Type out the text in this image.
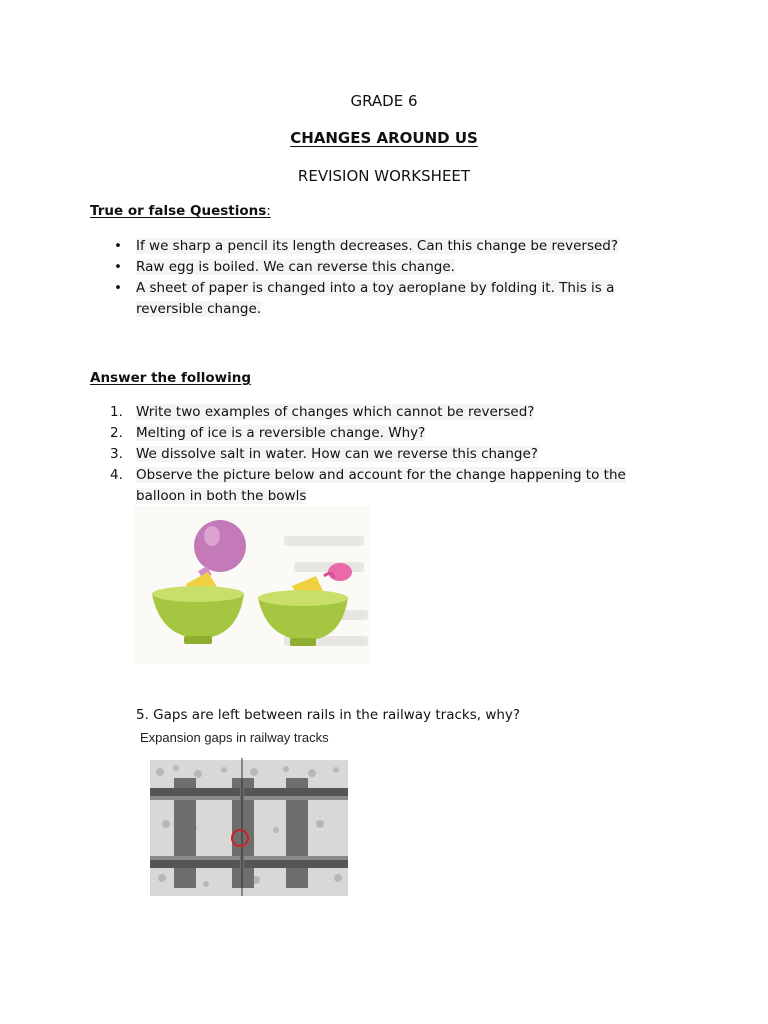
GRADE 6
CHANGES AROUND US
REVISION WORKSHEET
True or false Questions:
• If we sharp a pencil its length decreases. Can this change be reversed?
• Raw egg is boiled. We can reverse this change.
• A sheet of paper is changed into a toy aeroplane by folding it. This is a
reversible change.
Answer the following
1. Write two examples of changes which cannot be reversed?
2. Melting of ice is a reversible change. Why?
3. We dissolve salt in water. How can we reverse this change?
4. Observe the picture below and account for the change happening to the
balloon in both the bowls
5. Gaps are left between rails in the railway tracks, why?
Expansion gaps in railway tracks
